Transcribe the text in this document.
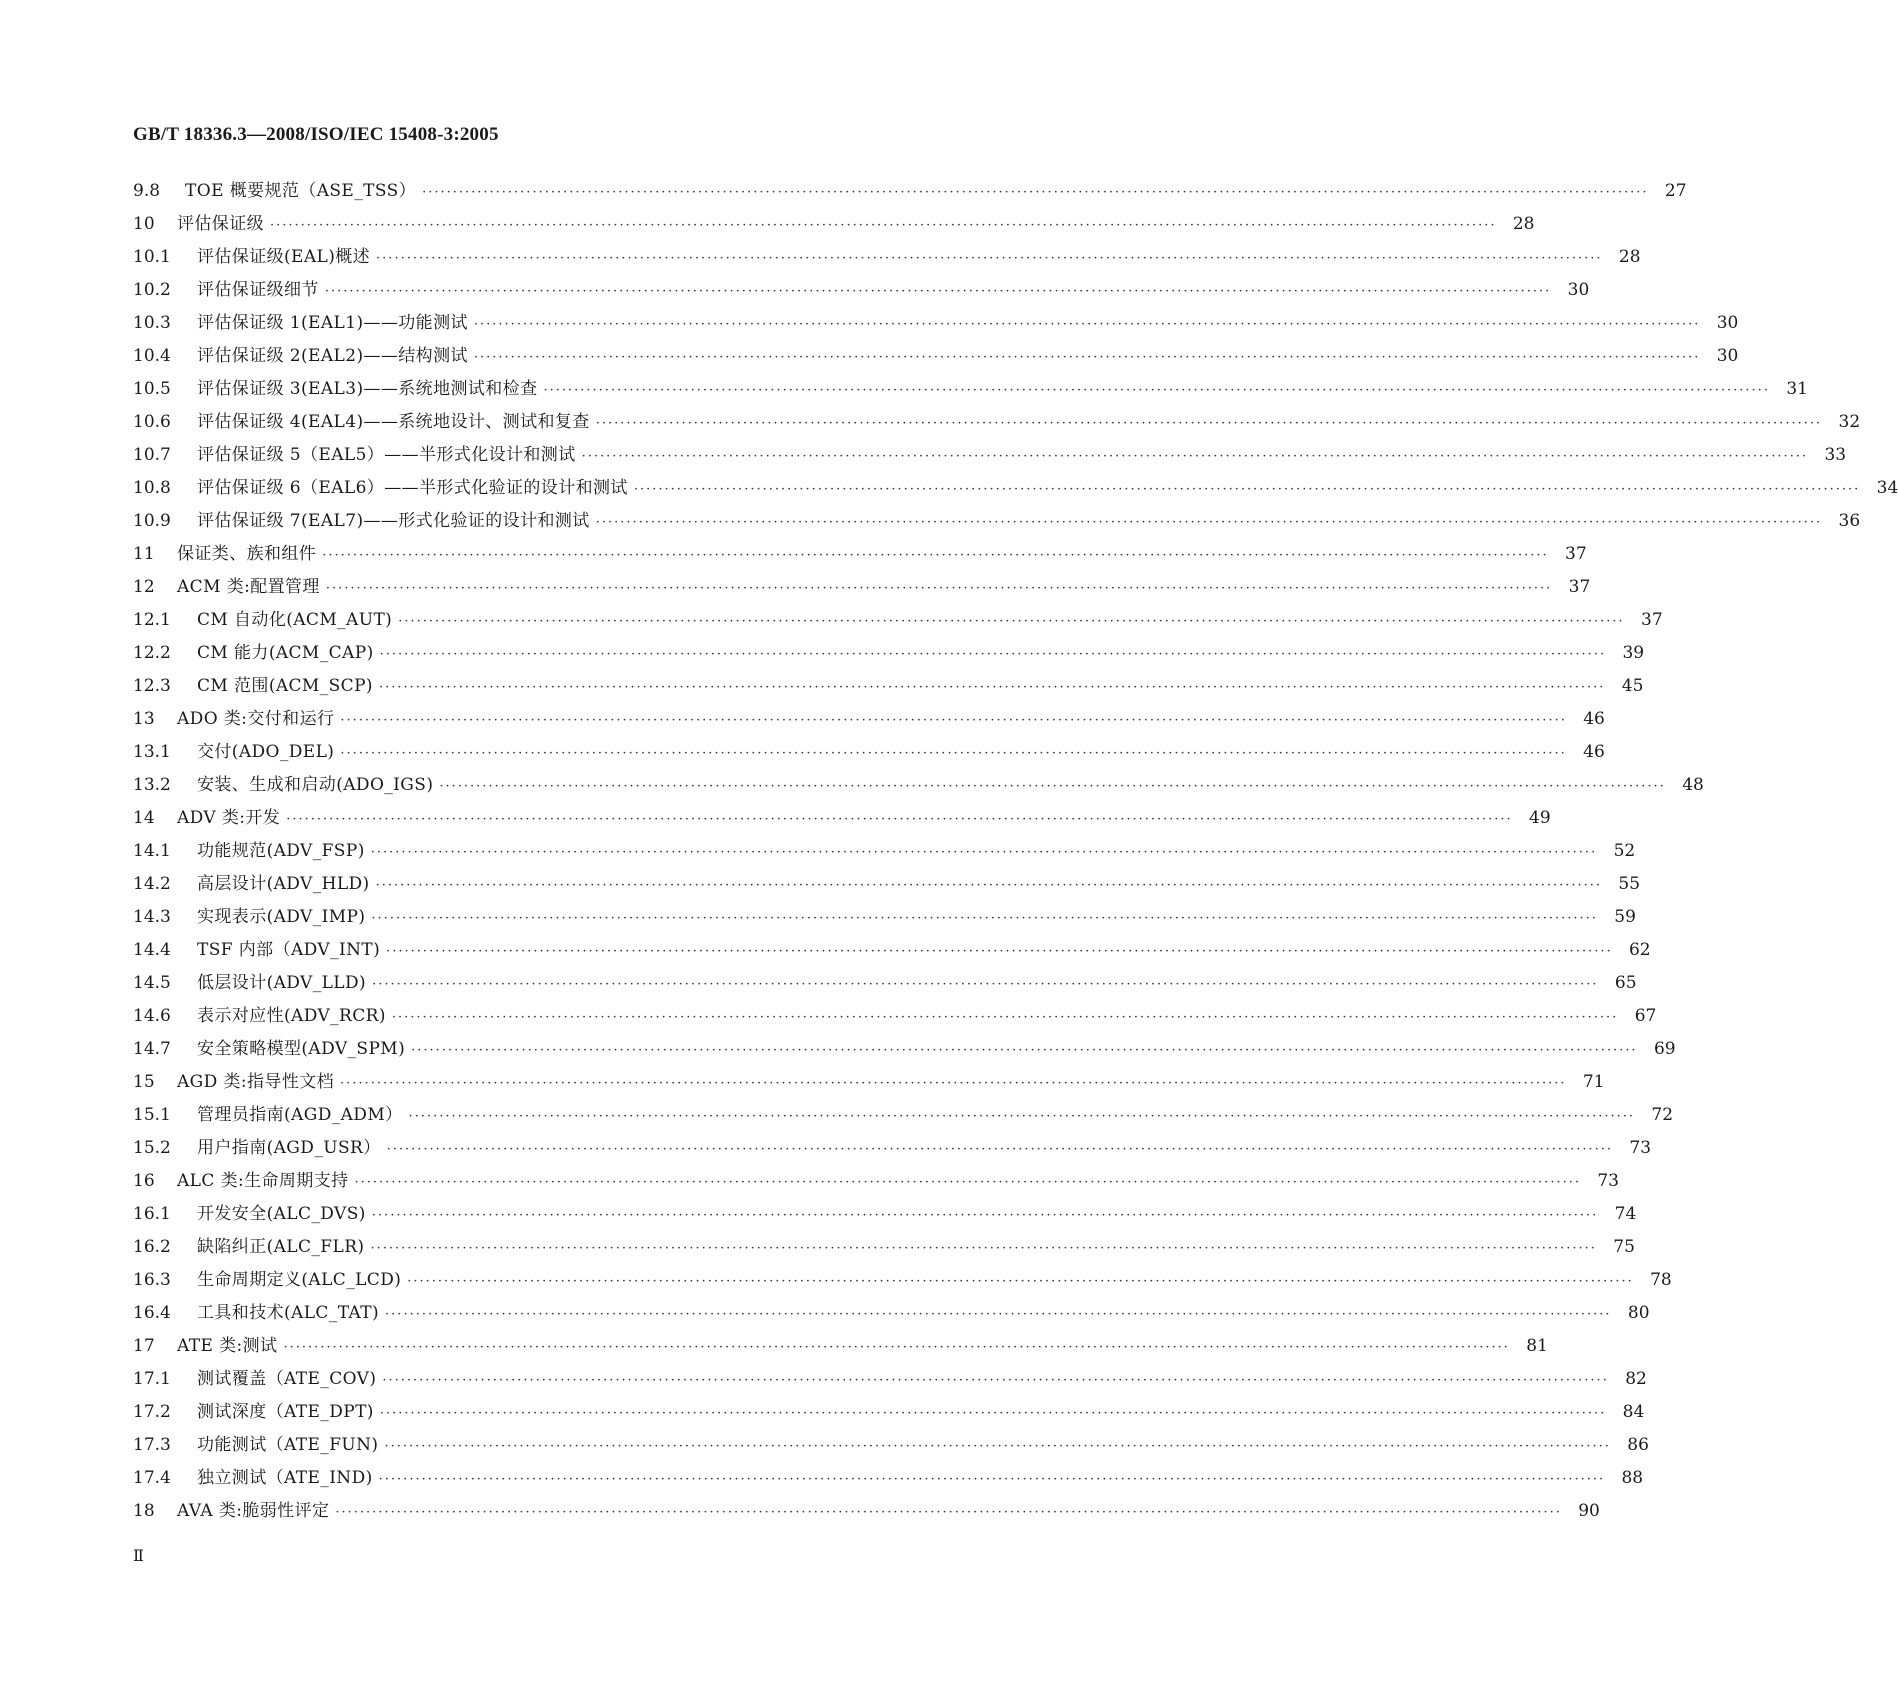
GB/T 18336.3—2008/ISO/IEC 15408-3:2005
9.8	TOE 概要规范（ASE_TSS） ········································································································································································································ 27
10	评估保证级 ········································································································································································································ 28
10.1	评估保证级(EAL)概述 ········································································································································································································ 28
10.2	评估保证级细节 ········································································································································································································ 30
10.3	评估保证级 1(EAL1)——功能测试 ········································································································································································································ 30
10.4	评估保证级 2(EAL2)——结构测试 ········································································································································································································ 30
10.5	评估保证级 3(EAL3)——系统地测试和检查 ········································································································································································································ 31
10.6	评估保证级 4(EAL4)——系统地设计、测试和复查 ········································································································································································································ 32
10.7	评估保证级 5（EAL5）——半形式化设计和测试 ········································································································································································································ 33
10.8	评估保证级 6（EAL6）——半形式化验证的设计和测试 ········································································································································································································ 34
10.9	评估保证级 7(EAL7)——形式化验证的设计和测试 ········································································································································································································ 36
11	保证类、族和组件 ········································································································································································································ 37
12	ACM 类:配置管理 ········································································································································································································ 37
12.1	CM 自动化(ACM_AUT) ········································································································································································································ 37
12.2	CM 能力(ACM_CAP) ········································································································································································································ 39
12.3	CM 范围(ACM_SCP) ········································································································································································································ 45
13	ADO 类:交付和运行 ········································································································································································································ 46
13.1	交付(ADO_DEL) ········································································································································································································ 46
13.2	安装、生成和启动(ADO_IGS) ········································································································································································································ 48
14	ADV 类:开发 ········································································································································································································ 49
14.1	功能规范(ADV_FSP) ········································································································································································································ 52
14.2	高层设计(ADV_HLD) ········································································································································································································ 55
14.3	实现表示(ADV_IMP) ········································································································································································································ 59
14.4	TSF 内部（ADV_INT) ········································································································································································································ 62
14.5	低层设计(ADV_LLD) ········································································································································································································ 65
14.6	表示对应性(ADV_RCR) ········································································································································································································ 67
14.7	安全策略模型(ADV_SPM) ········································································································································································································ 69
15	AGD 类:指导性文档 ········································································································································································································ 71
15.1	管理员指南(AGD_ADM） ········································································································································································································ 72
15.2	用户指南(AGD_USR） ········································································································································································································ 73
16	ALC 类:生命周期支持 ········································································································································································································ 73
16.1	开发安全(ALC_DVS) ········································································································································································································ 74
16.2	缺陷纠正(ALC_FLR) ········································································································································································································ 75
16.3	生命周期定义(ALC_LCD) ········································································································································································································ 78
16.4	工具和技术(ALC_TAT) ········································································································································································································ 80
17	ATE 类:测试 ········································································································································································································ 81
17.1	测试覆盖（ATE_COV) ········································································································································································································ 82
17.2	测试深度（ATE_DPT) ········································································································································································································ 84
17.3	功能测试（ATE_FUN) ········································································································································································································ 86
17.4	独立测试（ATE_IND) ········································································································································································································ 88
18	AVA 类:脆弱性评定 ········································································································································································································ 90
Ⅱ
